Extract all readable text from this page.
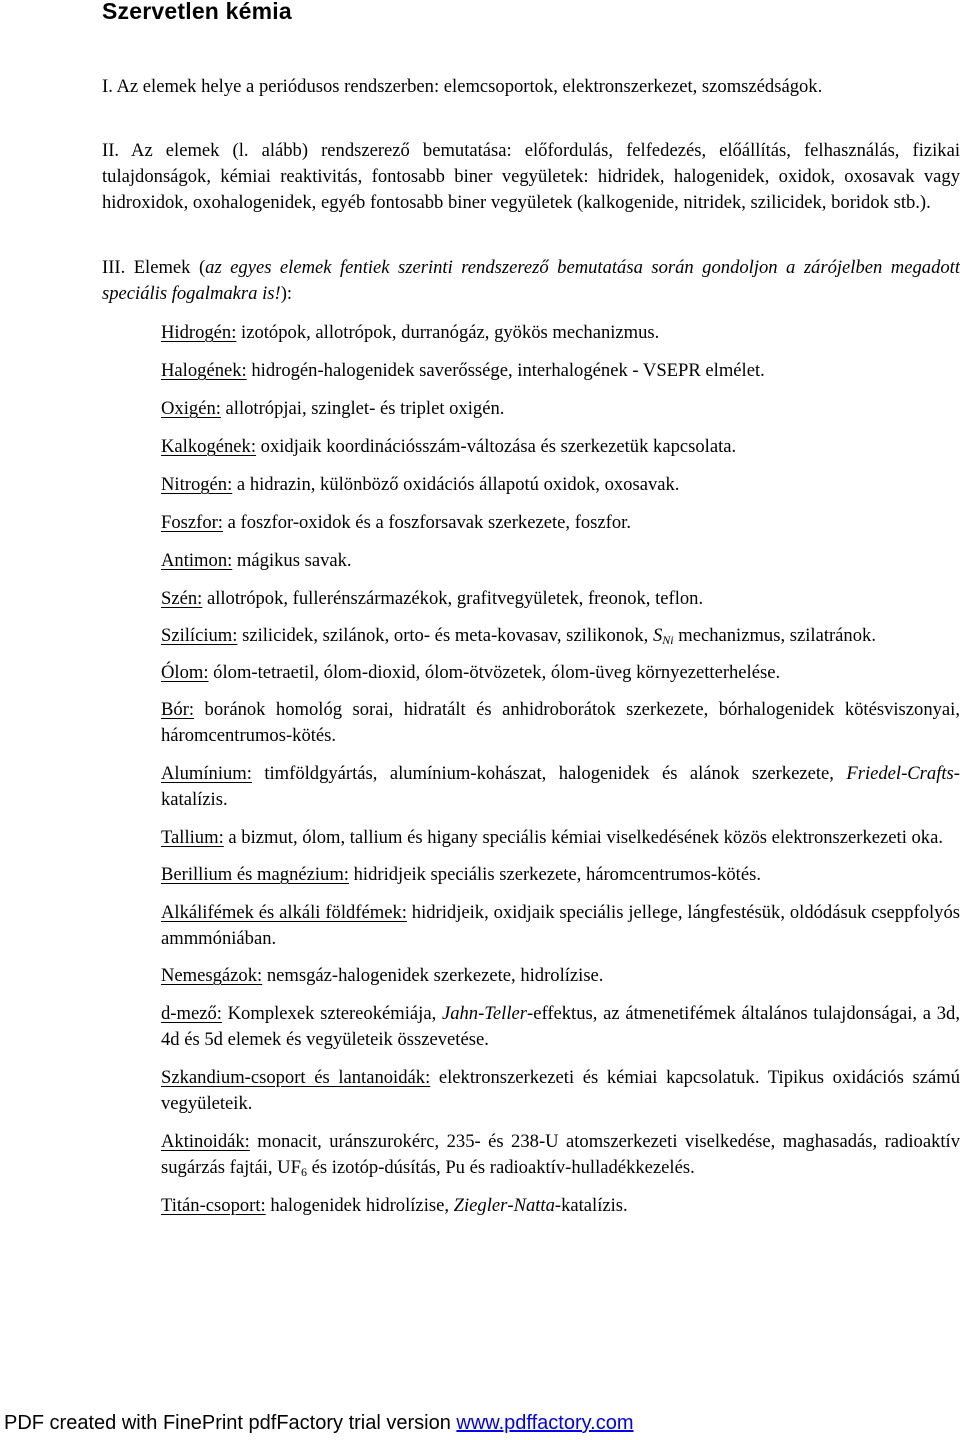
Szervetlen kémia

I. Az elemek helye a periódusos rendszerben: elemcsoportok, elektronszerkezet, szomszédságok.

II. Az elemek (l. alább) rendszerező bemutatása: előfordulás, felfedezés, előállítás, felhasználás, fizikai tulajdonságok, kémiai reaktivitás, fontosabb biner vegyületek: hidridek, halogenidek, oxidok, oxosavak vagy hidroxidok, oxohalogenidek, egyéb fontosabb biner vegyületek (kalkogenide, nitridek, szilicidek, boridok stb.).

III. Elemek (az egyes elemek fentiek szerinti rendszerező bemutatása során gondoljon a zárójelben megadott speciális fogalmakra is!):

Hidrogén: izotópok, allotrópok, durranógáz, gyökös mechanizmus.
Halogének: hidrogén-halogenidek saverőssége, interhalogének - VSEPR elmélet.
Oxigén: allotrópjai, szinglet- és triplet oxigén.
Kalkogének: oxidjaik koordinációsszám-változása és szerkezetük kapcsolata.
Nitrogén: a hidrazin, különböző oxidációs állapotú oxidok, oxosavak.
Foszfor: a foszfor-oxidok és a foszforsavak szerkezete, foszfor.
Antimon: mágikus savak.
Szén: allotrópok, fullerénszármazékok, grafitvegyületek, freonok, teflon.
Szilícium: szilicidek, szilánok, orto- és meta-kovasav, szilikonok, $S_{Ni}$ mechanizmus, szilatránok.
Ólom: ólom-tetraetil, ólom-dioxid, ólom-ötvözetek, ólom-üveg környezetterhelése.
Bór: boránok homológ sorai, hidratált és anhidroborátok szerkezete, bórhalogenidek kötésviszonyai, háromcentrumos-kötés.
Alumínium: timföldgyártás, alumínium-kohászat, halogenidek és alánok szerkezete, Friedel-Crafts-katalízis.
Tallium: a bizmut, ólom, tallium és higany speciális kémiai viselkedésének közös elektronszerkezeti oka.
Berillium és magnézium: hidridjeik speciális szerkezete, háromcentrumos-kötés.
Alkálifémek és alkáli földfémek: hidridjeik, oxidjaik speciális jellege, lángfestésük, oldódásuk cseppfolyós ammmóniában.
Nemesgázok: nemsgáz-halogenidek szerkezete, hidrolízise.
d-mező: Komplexek sztereokémiája, Jahn-Teller-effektus, az átmenetifémek általános tulajdonságai, a 3d, 4d és 5d elemek és vegyületeik összevetése.
Szkandium-csoport és lantanoidák: elektronszerkezeti és kémiai kapcsolatuk. Tipikus oxidációs számú vegyületeik.
Aktinoidák: monacit, uránszurokérc, 235- és 238-U atomszerkezeti viselkedése, maghasadás, radioaktív sugárzás fajtái, $UF_6$ és izotóp-dúsítás, Pu és radioaktív-hulladékkezelés.
Titán-csoport: halogenidek hidrolízise, Ziegler-Natta-katalízis.
PDF created with FinePrint pdfFactory trial version www.pdffactory.com
